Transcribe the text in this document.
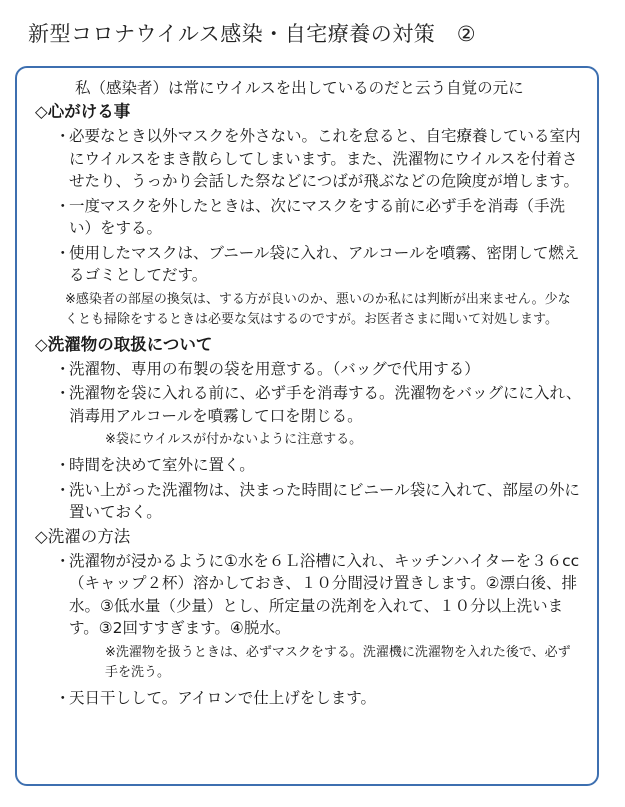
新型コロナウイルス感染・自宅療養の対策　②
私（感染者）は常にウイルスを出しているのだと云う自覚の元に
◇心がける事
・
必要なとき以外マスクを外さない。これを怠ると、自宅療養している室内にウイルスをまき散らしてしまいます。また、洗濯物にウイルスを付着させたり、うっかり会話した祭などにつばが飛ぶなどの危険度が増します。
・
一度マスクを外したときは、次にマスクをする前に必ず手を消毒（手洗い）をする。
・
使用したマスクは、ブニール袋に入れ、アルコールを噴霧、密閉して燃えるゴミとしてだす。
※感染者の部屋の換気は、する方が良いのか、悪いのか私には判断が出来ません。少なくとも掃除をするときは必要な気はするのですが。お医者さまに聞いて対処します。
◇洗濯物の取扱について
・
洗濯物、専用の布製の袋を用意する。（バッグで代用する）
・
洗濯物を袋に入れる前に、必ず手を消毒する。洗濯物をバッグにに入れ、消毒用アルコールを噴霧して口を閉じる。
※袋にウイルスが付かないように注意する。
・
時間を決めて室外に置く。
・
洗い上がった洗濯物は、決まった時間にビニール袋に入れて、部屋の外に置いておく。
◇洗濯の方法
・
洗濯物が浸かるように①水を６Ｌ浴槽に入れ、キッチンハイターを３６cc（キャップ２杯）溶かしておき、１０分間浸け置きします。②漂白後、排水。③低水量（少量）とし、所定量の洗剤を入れて、１０分以上洗います。③2回すすぎます。④脱水。
※洗濯物を扱うときは、必ずマスクをする。洗濯機に洗濯物を入れた後で、必ず手を洗う。
・
天日干しして。アイロンで仕上げをします。
